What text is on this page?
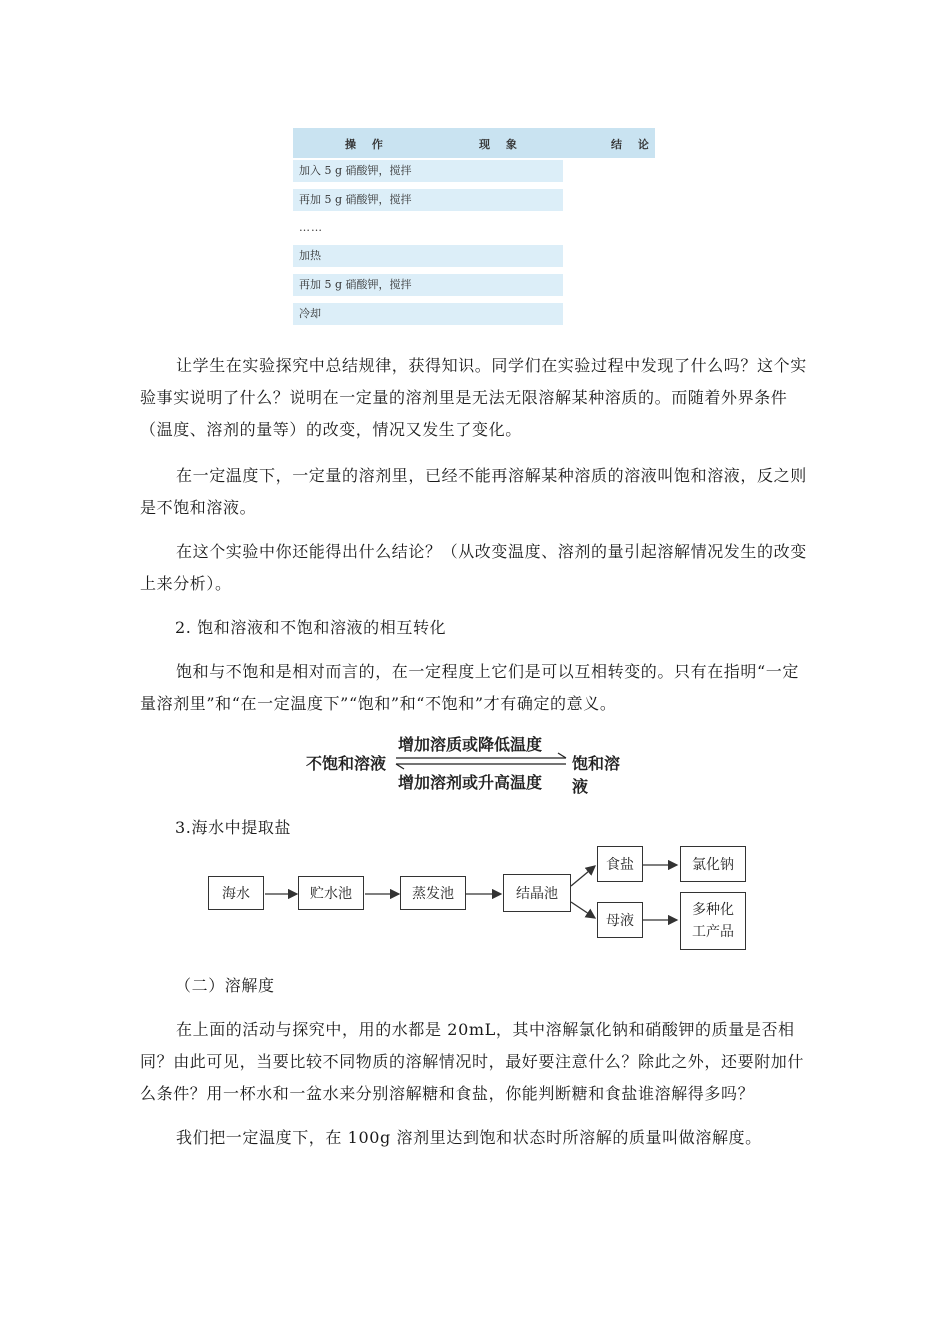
操 作	现 象	结 论
加入 5 g 硝酸钾，搅拌
再加 5 g 硝酸钾，搅拌
……
加热
再加 5 g 硝酸钾，搅拌
冷却

让学生在实验探究中总结规律，获得知识。同学们在实验过程中发现了什么吗？这个实验事实说明了什么？说明在一定量的溶剂里是无法无限溶解某种溶质的。而随着外界条件（温度、溶剂的量等）的改变，情况又发生了变化。

在一定温度下，一定量的溶剂里，已经不能再溶解某种溶质的溶液叫饱和溶液，反之则是不饱和溶液。

在这个实验中你还能得出什么结论？（从改变温度、溶剂的量引起溶解情况发生的改变上来分析）。

2. 饱和溶液和不饱和溶液的相互转化

饱和与不饱和是相对而言的，在一定程度上它们是可以互相转变的。只有在指明“一定量溶剂里”和“在一定温度下”“饱和”和“不饱和”才有确定的意义。

不饱和溶液	饱和溶液
增加溶质或降低温度
增加溶剂或升高温度

3.海水中提取盐

海水	贮水池	蒸发池	结晶池
食盐	氯化钠
母液
多种化
工产品

（二）溶解度

在上面的活动与探究中，用的水都是 20mL，其中溶解氯化钠和硝酸钾的质量是否相同？由此可见，当要比较不同物质的溶解情况时，最好要注意什么？除此之外，还要附加什么条件？用一杯水和一盆水来分别溶解糖和食盐，你能判断糖和食盐谁溶解得多吗？

我们把一定温度下，在 100g 溶剂里达到饱和状态时所溶解的质量叫做溶解度。
